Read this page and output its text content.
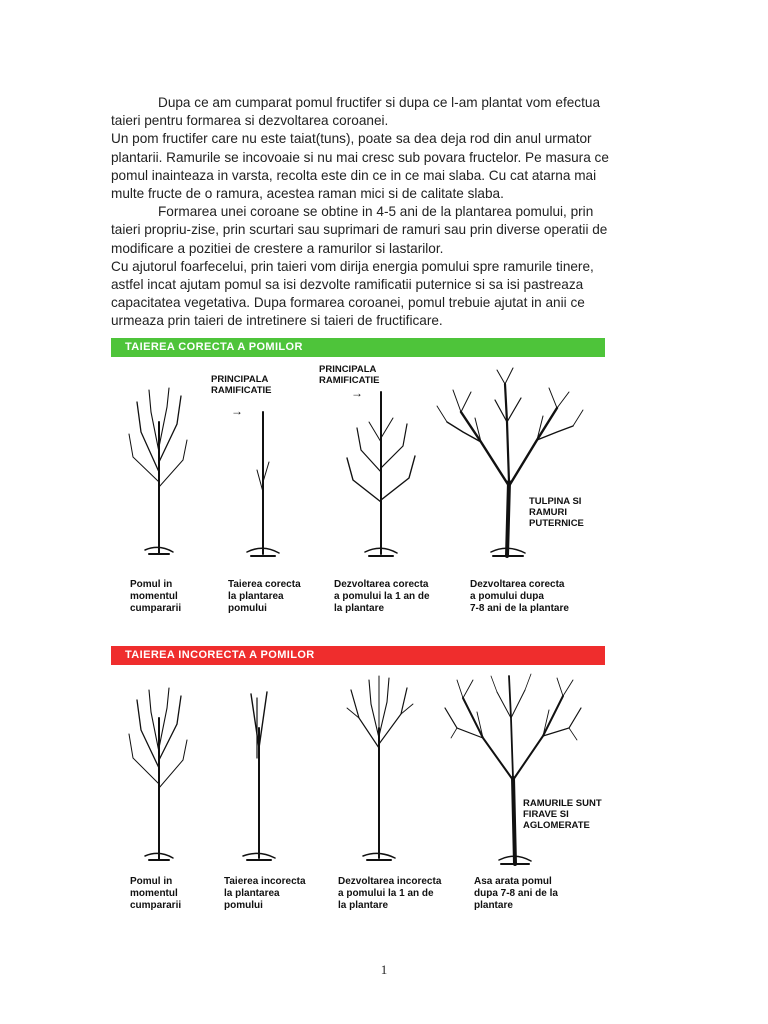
Dupa ce am cumparat pomul fructifer si dupa ce l-am plantat vom efectua taieri pentru formarea si dezvoltarea coroanei.

Un pom fructifer care nu este taiat(tuns), poate sa dea deja rod din anul urmator plantarii. Ramurile se incovoaie si nu mai cresc sub povara fructelor. Pe masura ce pomul inainteaza in varsta, recolta este din ce in ce mai slaba. Cu cat atarna mai multe fructe de o ramura, acestea raman mici si de calitate slaba.

Formarea unei coroane se obtine in 4-5 ani de la plantarea pomului, prin taieri propriu-zise, prin scurtari sau suprimari de ramuri sau prin diverse operatii de modificare a pozitiei de crestere a ramurilor si lastarilor.

Cu ajutorul foarfecelui, prin taieri vom dirija energia pomului spre ramurile tinere, astfel incat ajutam pomul sa isi dezvolte ramificatii puternice si sa isi pastreaza capacitatea vegetativa. Dupa formarea coroanei, pomul trebuie ajutat in anii ce urmeaza prin taieri de intretinere si taieri de fructificare.

TAIEREA CORECTA A POMILOR
PRINCIPALA
RAMIFICATIE
→
PRINCIPALA
RAMIFICATIE
→
TULPINA SI
RAMURI
PUTERNICE
Pomul in
momentul
cumpararii
Taierea corecta
la plantarea
pomului
Dezvoltarea corecta
a pomului la 1 an de
la plantare
Dezvoltarea corecta
a pomului dupa
7-8 ani de la plantare
TAIEREA INCORECTA A POMILOR
RAMURILE SUNT
FIRAVE SI
AGLOMERATE
Pomul in
momentul
cumpararii
Taierea incorecta
la plantarea
pomului
Dezvoltarea incorecta
a pomului la 1 an de
la plantare
Asa arata pomul
dupa 7-8 ani de la
plantare
1
